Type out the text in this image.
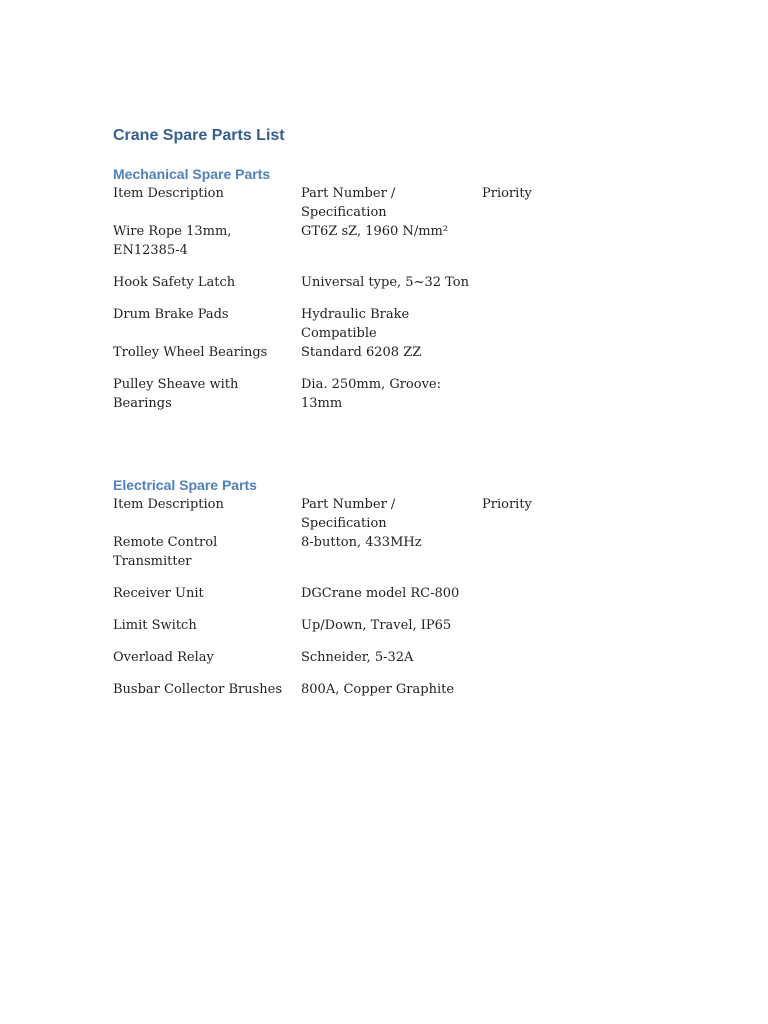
Crane Spare Parts List
Mechanical Spare Parts
Item Description	Part Number / Specification	Priority
Wire Rope 13mm, EN12385-4	GT6Z sZ, 1960 N/mm²	
Hook Safety Latch	Universal type, 5~32 Ton	
Drum Brake Pads	Hydraulic Brake Compatible	
Trolley Wheel Bearings	Standard 6208 ZZ	
Pulley Sheave with Bearings	Dia. 250mm, Groove: 13mm	
Electrical Spare Parts
Item Description	Part Number / Specification	Priority
Remote Control Transmitter	8-button, 433MHz	
Receiver Unit	DGCrane model RC-800	
Limit Switch	Up/Down, Travel, IP65	
Overload Relay	Schneider, 5-32A	
Busbar Collector Brushes	800A, Copper Graphite	
